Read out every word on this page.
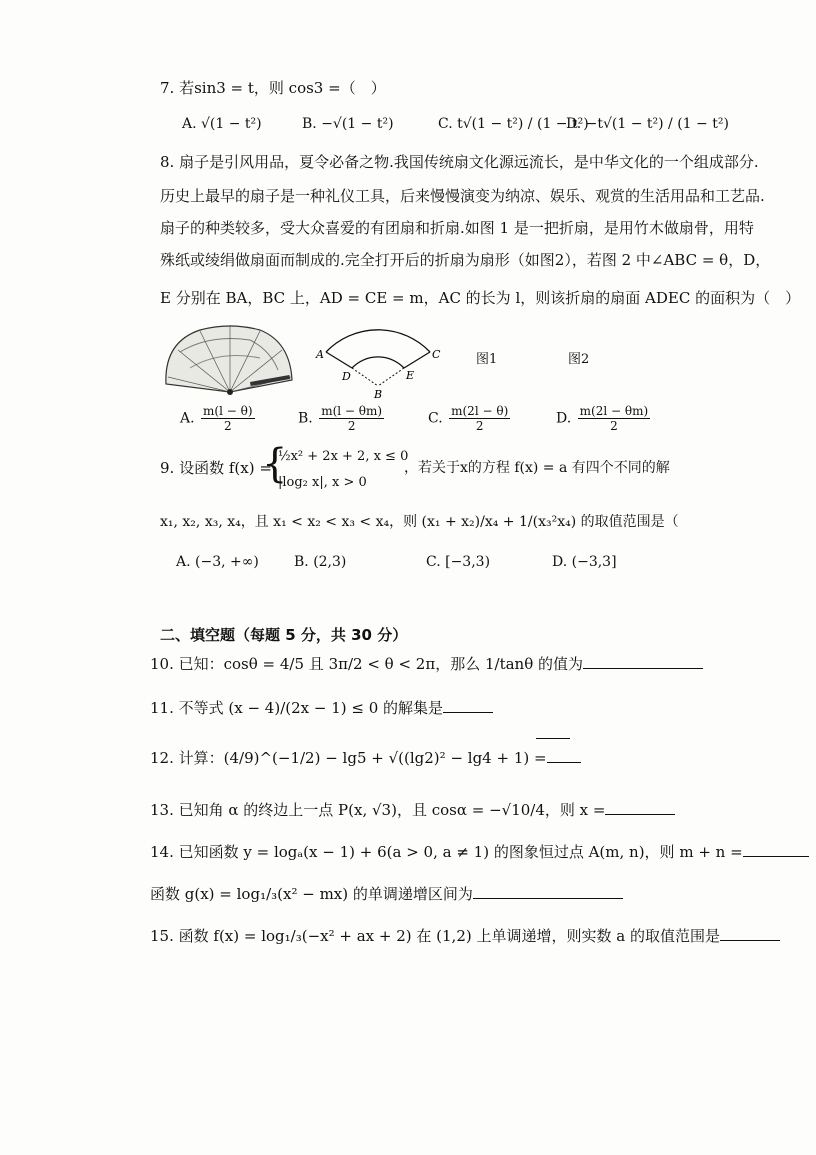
7. 若sin3 = t，则 cos3 =（　）
A. √(1 − t²)	B. −√(1 − t²)	C. t√(1 − t²) / (1 − t²)
D. −t√(1 − t²) / (1 − t²)
8. 扇子是引风用品，夏令必备之物.我国传统扇文化源远流长，是中华文化的一个组成部分.
历史上最早的扇子是一种礼仪工具，后来慢慢演变为纳凉、娱乐、观赏的生活用品和工艺品.
扇子的种类较多，受大众喜爱的有团扇和折扇.如图 1 是一把折扇，是用竹木做扇骨，用特
殊纸或绫绢做扇面而制成的.完全打开后的折扇为扇形（如图2），若图 2 中∠ABC = θ，D，
E 分别在 BA，BC 上，AD = CE = m，AC 的长为 l，则该折扇的扇面 ADEC 的面积为（　）
A	C
D	E
B
图1	图2
A. $\frac{m(l - \theta)}{2}$	B. $\frac{m(l - \theta m)}{2}$	C. $\frac{m(2l - \theta)}{2}$	D. $\frac{m(2l - \theta m)}{2}$
9. 设函数 f(x) =
{
½x² + 2x + 2, x ≤ 0
|log₂ x|, x > 0
，若关于x的方程 f(x) = a 有四个不同的解
x₁, x₂, x₃, x₄，且 x₁ < x₂ < x₃ < x₄，则 (x₁ + x₂)/x₄ + 1/(x₃²x₄) 的取值范围是（
A. (−3, +∞)	B. (2,3)	C. [−3,3)	D. (−3,3]
二、填空题（每题 5 分，共 30 分）
10. 已知：cosθ = 4/5 且 3π/2 < θ < 2π，那么 1/tanθ 的值为
11. 不等式 (x − 4)/(2x − 1) ≤ 0 的解集是
12. 计算：(4/9)^(−1/2) − lg5 + √((lg2)² − lg4 + 1) =
13. 已知角 α 的终边上一点 P(x, √3)，且 cosα = −√10/4，则 x =
14. 已知函数 y = logₐ(x − 1) + 6(a > 0, a ≠ 1) 的图象恒过点 A(m, n)，则 m + n =
函数 g(x) = log₁/₃(x² − mx) 的单调递增区间为
15. 函数 f(x) = log₁/₃(−x² + ax + 2) 在 (1,2) 上单调递增，则实数 a 的取值范围是
